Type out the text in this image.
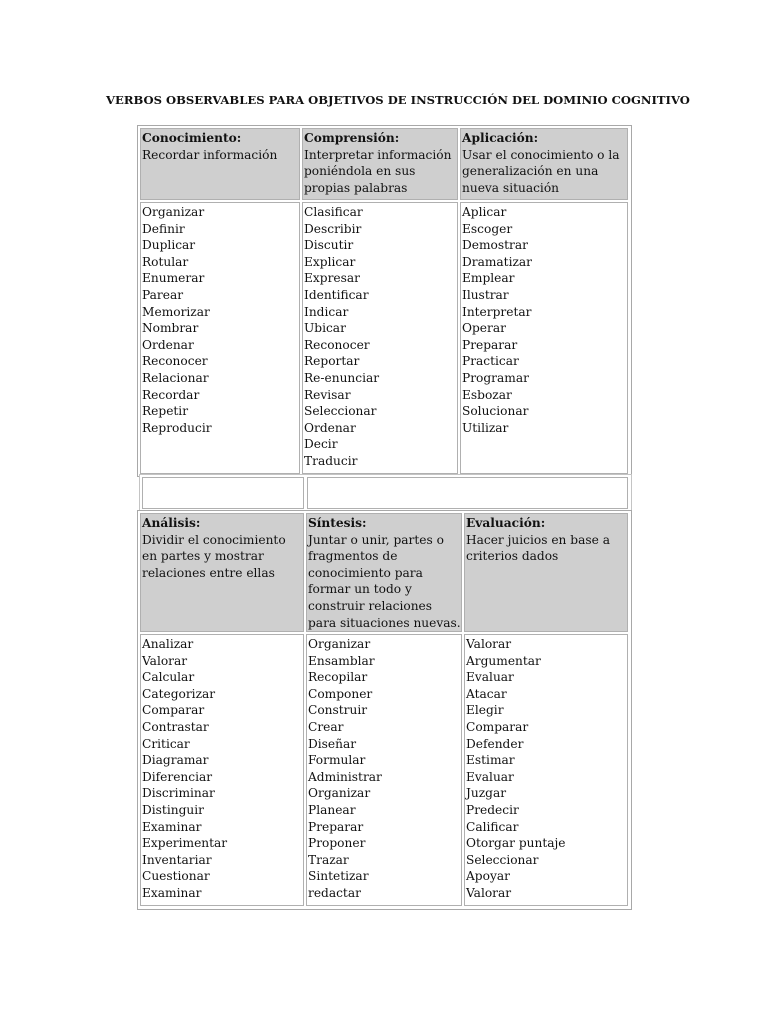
VERBOS OBSERVABLES PARA OBJETIVOS DE INSTRUCCIÓN DEL DOMINIO COGNITIVO
Conocimiento:
Recordar información
Comprensión:
Interpretar información poniéndola en sus propias palabras
Aplicación:
Usar el conocimiento o la generalización en una nueva situación
Organizar
Definir
Duplicar
Rotular
Enumerar
Parear
Memorizar
Nombrar
Ordenar
Reconocer
Relacionar
Recordar
Repetir
Reproducir
Clasificar
Describir
Discutir
Explicar
Expresar
Identificar
Indicar
Ubicar
Reconocer
Reportar
Re-enunciar
Revisar
Seleccionar
Ordenar
Decir
Traducir
Aplicar
Escoger
Demostrar
Dramatizar
Emplear
Ilustrar
Interpretar
Operar
Preparar
Practicar
Programar
Esbozar
Solucionar
Utilizar
Análisis:
Dividir el conocimiento en partes y mostrar relaciones entre ellas
Síntesis:
Juntar o unir, partes o fragmentos de conocimiento para formar un todo y construir relaciones para situaciones nuevas.
Evaluación:
Hacer juicios en base a criterios dados
Analizar
Valorar
Calcular
Categorizar
Comparar
Contrastar
Criticar
Diagramar
Diferenciar
Discriminar
Distinguir
Examinar
Experimentar
Inventariar
Cuestionar
Examinar
Organizar
Ensamblar
Recopilar
Componer
Construir
Crear
Diseñar
Formular
Administrar
Organizar
Planear
Preparar
Proponer
Trazar
Sintetizar
redactar
Valorar
Argumentar
Evaluar
Atacar
Elegir
Comparar
Defender
Estimar
Evaluar
Juzgar
Predecir
Calificar
Otorgar puntaje
Seleccionar
Apoyar
Valorar
